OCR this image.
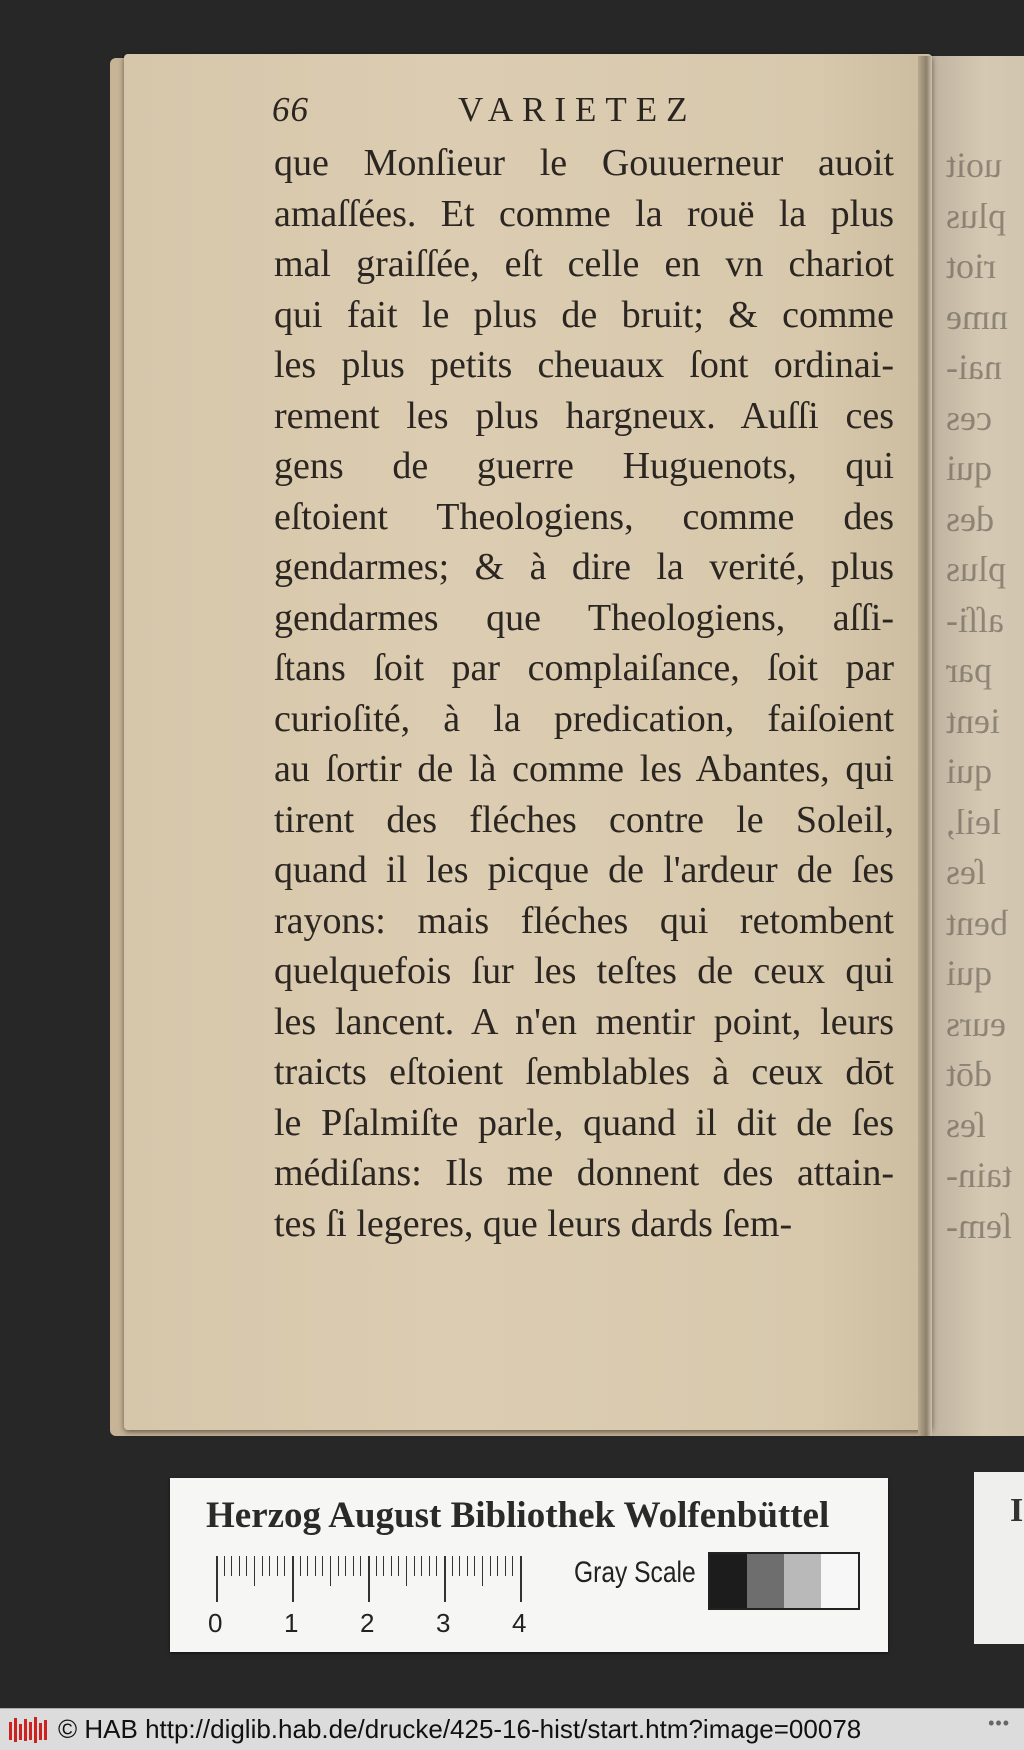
uoit
plus
riot
nme
nai-
ces
qui
des
plus
aſſi-
par
ient
qui
leil,
ſes
bent
qui
eurs
dōt
ſes
tain-
ſem-
66	VARIETEZ
que Monſieur le Gouuerneur auoit
amaſſées. Et comme la rouë la plus
mal graiſſée, eſt celle en vn chariot
qui fait le plus de bruit; & comme
les plus petits cheuaux ſont ordinai-
rement les plus hargneux. Auſſi ces
gens de guerre Huguenots, qui
eſtoient Theologiens, comme des
gendarmes; & à dire la verité, plus
gendarmes que Theologiens, aſſi-
ſtans ſoit par complaiſance, ſoit par
curioſité, à la predication, faiſoient
au ſortir de là comme les Abantes, qui
tirent des fléches contre le Soleil,
quand il les picque de l'ardeur de ſes
rayons: mais fléches qui retombent
quelquefois ſur les teſtes de ceux qui
les lancent. A n'en mentir point, leurs
traicts eſtoient ſemblables à ceux dōt
le Pſalmiſte parle, quand il dit de ſes
médiſans: Ils me donnent des attain-
tes ſi legeres, que leurs dards ſem-
Herzog August Bibliothek Wolfenbüttel
0 1 2 3 4
Gray Scale
I
© HAB http://diglib.hab.de/drucke/425-16-hist/start.htm?image=00078	•••
